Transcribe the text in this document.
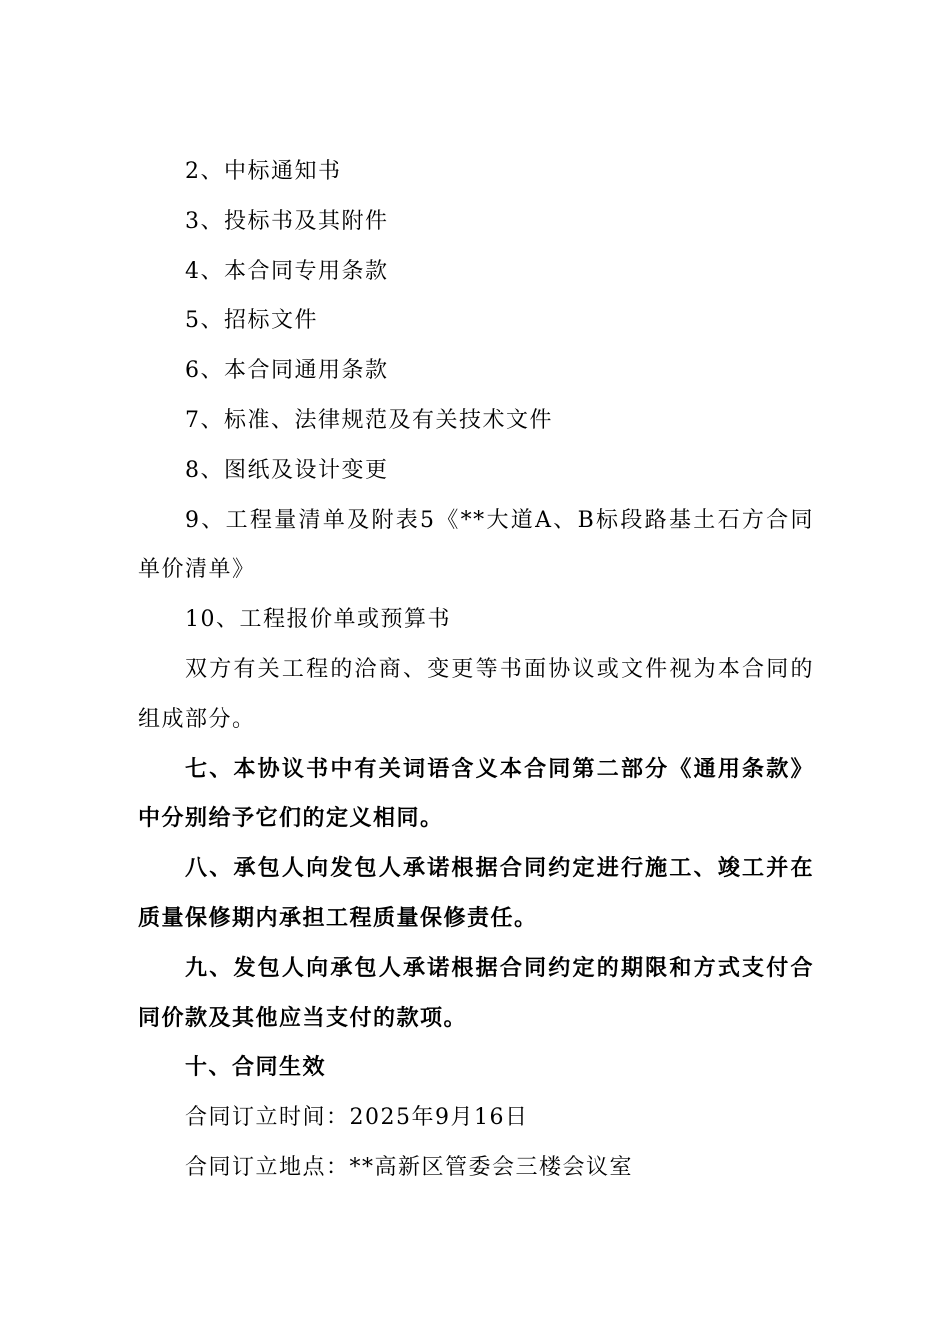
2、中标通知书

3、投标书及其附件

4、本合同专用条款

5、招标文件

6、本合同通用条款

7、标准、法律规范及有关技术文件

8、图纸及设计变更

9、工程量清单及附表5《**大道A、B标段路基土石方合同单价清单》

10、工程报价单或预算书

双方有关工程的洽商、变更等书面协议或文件视为本合同的组成部分。

七、本协议书中有关词语含义本合同第二部分《通用条款》中分别给予它们的定义相同。

八、承包人向发包人承诺根据合同约定进行施工、竣工并在质量保修期内承担工程质量保修责任。

九、发包人向承包人承诺根据合同约定的期限和方式支付合同价款及其他应当支付的款项。

十、合同生效

合同订立时间：2025年9月16日

合同订立地点：**高新区管委会三楼会议室
